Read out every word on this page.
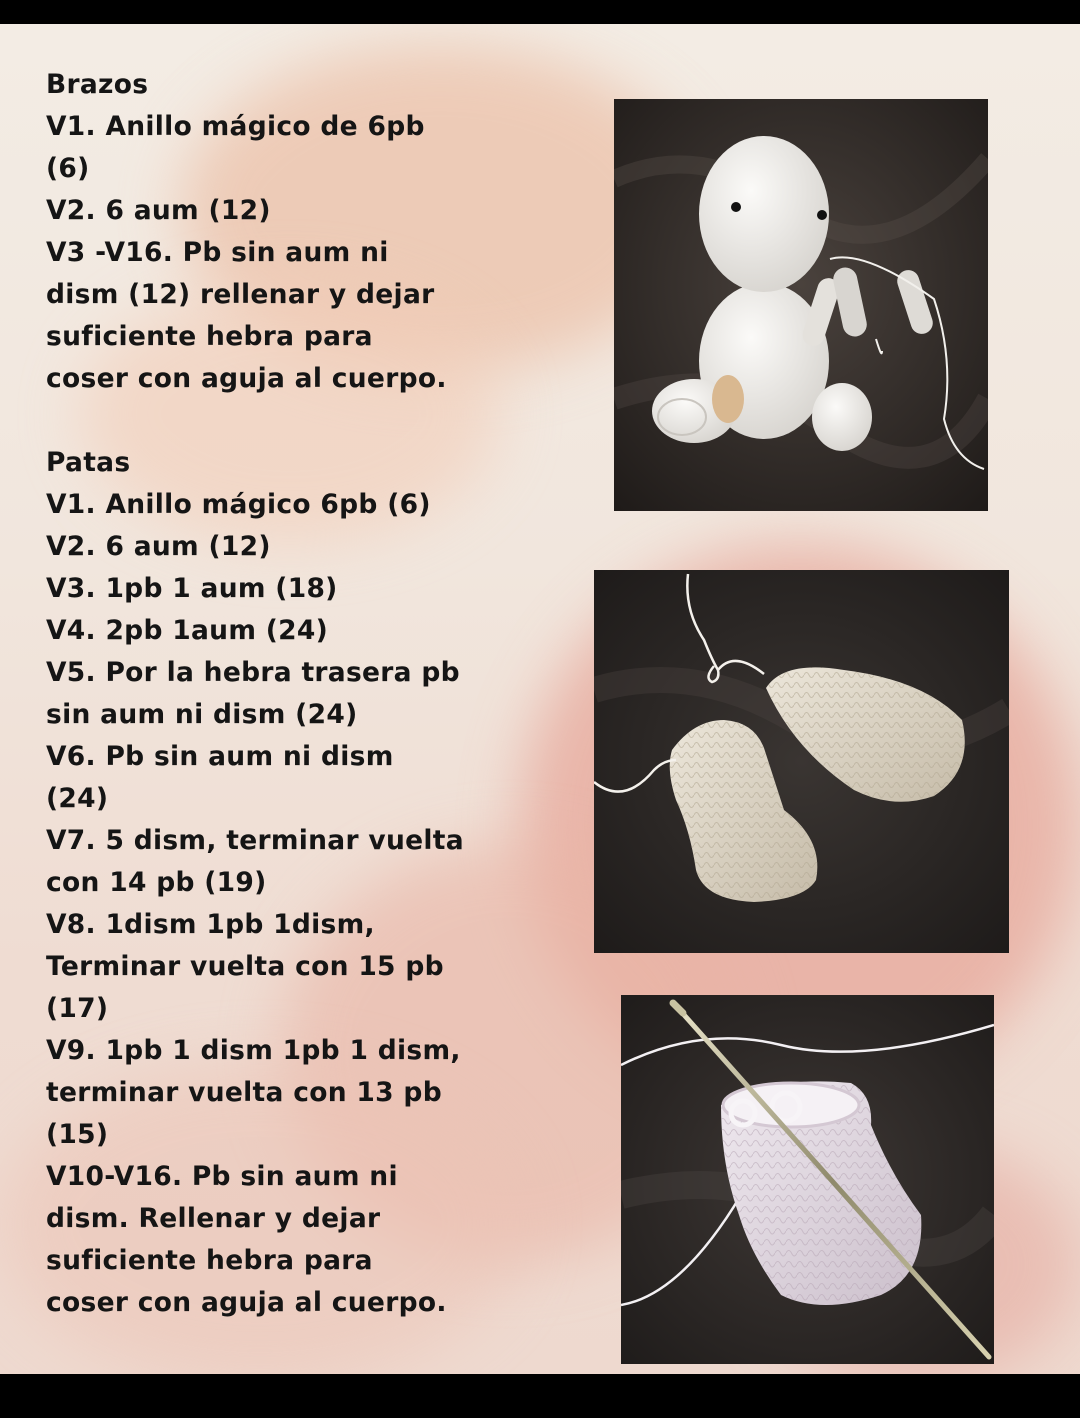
Brazos
V1. Anillo mágico de 6pb
(6)
V2. 6 aum (12)
V3 -V16. Pb sin aum ni
dism (12) rellenar y dejar
suficiente hebra para
coser con aguja al cuerpo.
Patas
V1. Anillo mágico 6pb (6)
V2. 6 aum (12)
V3. 1pb 1 aum (18)
V4. 2pb 1aum (24)
V5. Por la hebra trasera pb
sin aum ni dism (24)
V6. Pb sin aum ni dism
(24)
V7. 5 dism, terminar vuelta
con 14 pb (19)
V8. 1dism 1pb 1dism,
Terminar vuelta con 15 pb
(17)
V9. 1pb 1 dism 1pb 1 dism,
terminar vuelta con 13 pb
(15)
V10-V16. Pb sin aum ni
dism. Rellenar y dejar
suficiente hebra para
coser con aguja al cuerpo.
